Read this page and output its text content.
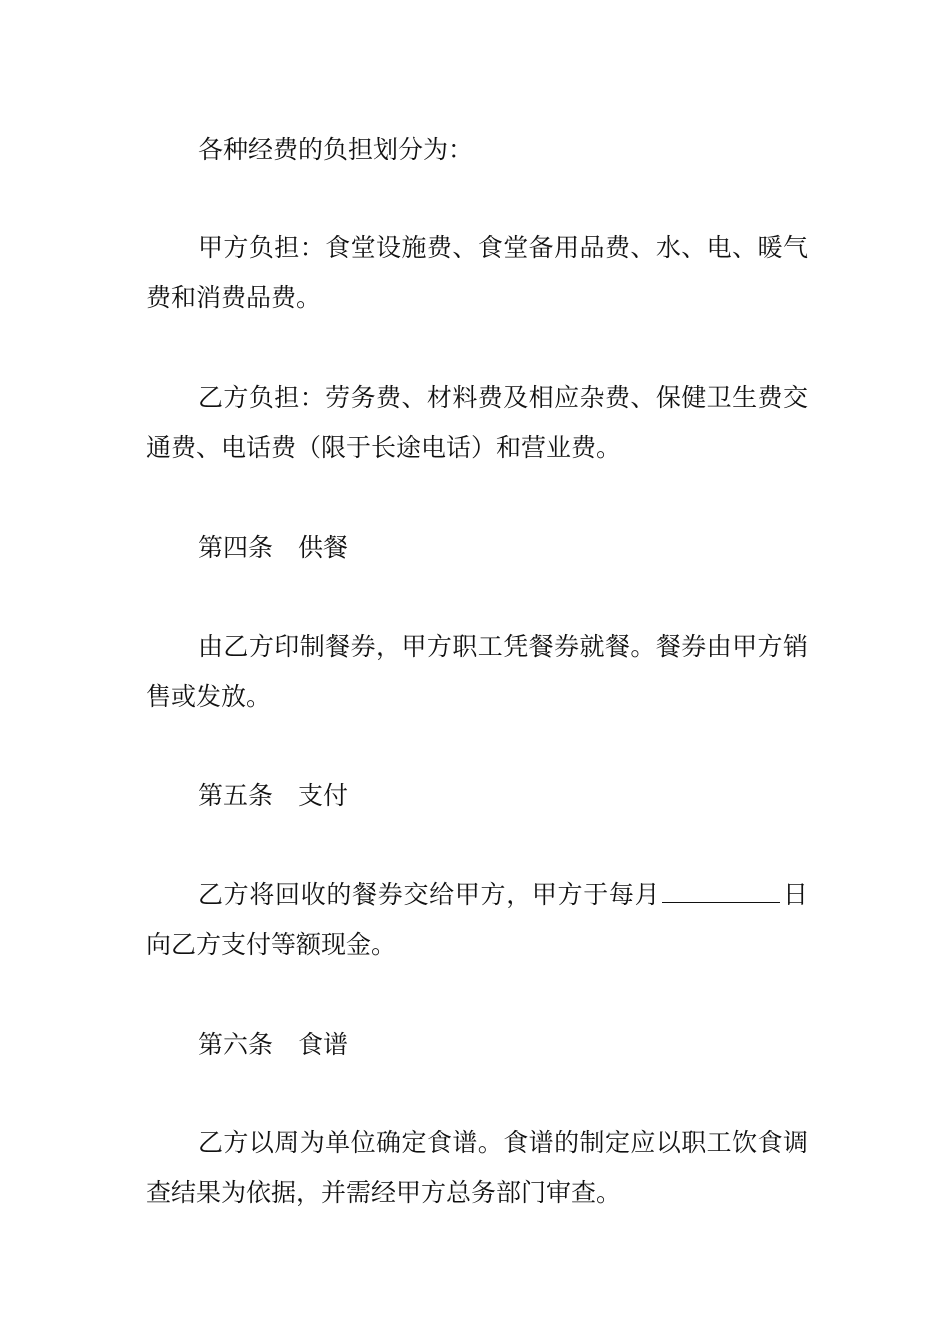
各种经费的负担划分为：

甲方负担：食堂设施费、食堂备用品费、水、电、暖气费和消费品费。

乙方负担：劳务费、材料费及相应杂费、保健卫生费交通费、电话费（限于长途电话）和营业费。

第四条　供餐

由乙方印制餐券，甲方职工凭餐券就餐。餐券由甲方销售或发放。

第五条　支付

乙方将回收的餐券交给甲方，甲方于每月	日向乙方支付等额现金。

第六条　食谱

乙方以周为单位确定食谱。食谱的制定应以职工饮食调查结果为依据，并需经甲方总务部门审查。
